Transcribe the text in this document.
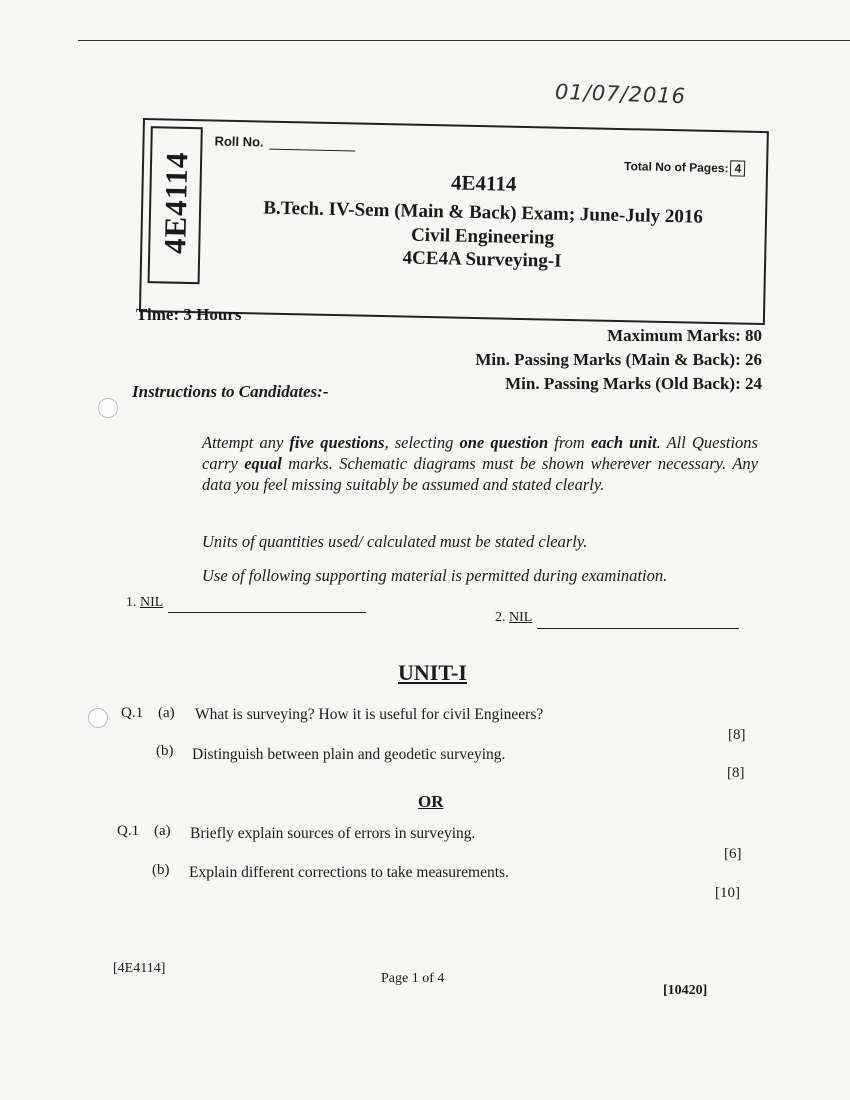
01/07/2016
4E4114
Roll No.
Total No of Pages: 4
4E4114
B.Tech. IV-Sem (Main & Back) Exam; June-July 2016
Civil Engineering
4CE4A Surveying-I
Time: 3 Hours
Maximum Marks: 80
Min. Passing Marks (Main & Back): 26
Min. Passing Marks (Old Back): 24
Instructions to Candidates:-
Attempt any five questions, selecting one question from each unit. All Questions carry equal marks. Schematic diagrams must be shown wherever necessary. Any data you feel missing suitably be assumed and stated clearly.
Units of quantities used/ calculated must be stated clearly.
Use of following supporting material is permitted during examination.
1. NIL
2. NIL
UNIT-I
Q.1 (a) What is surveying? How it is useful for civil Engineers?
[8]
(b) Distinguish between plain and geodetic surveying.
[8]
OR
Q.1 (a) Briefly explain sources of errors in surveying.
[6]
(b) Explain different corrections to take measurements.
[10]
[4E4114]
Page 1 of 4
[10420]
